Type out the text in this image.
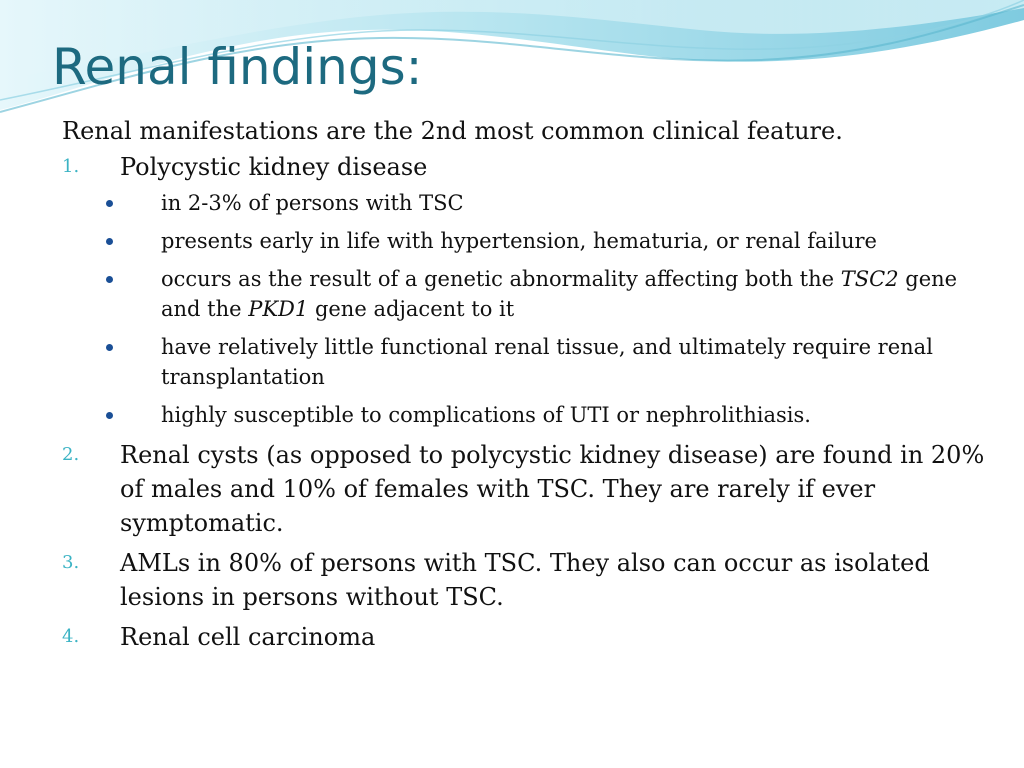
Renal findings:

Renal manifestations are the 2nd most common clinical feature.

1.	Polycystic kidney disease
in 2-3% of persons with TSC
presents early in life with hypertension, hematuria, or renal failure
occurs as the result of a genetic abnormality affecting both the TSC2 gene and the PKD1 gene adjacent to it
have relatively little functional renal tissue, and ultimately require renal transplantation
highly susceptible to complications of UTI or nephrolithiasis.
2.	Renal cysts (as opposed to polycystic kidney disease) are found in 20% of males and 10% of females with TSC. They are rarely if ever symptomatic.
3.	AMLs in 80% of persons with TSC. They also can occur as isolated lesions in persons without TSC.
4.	Renal cell carcinoma
